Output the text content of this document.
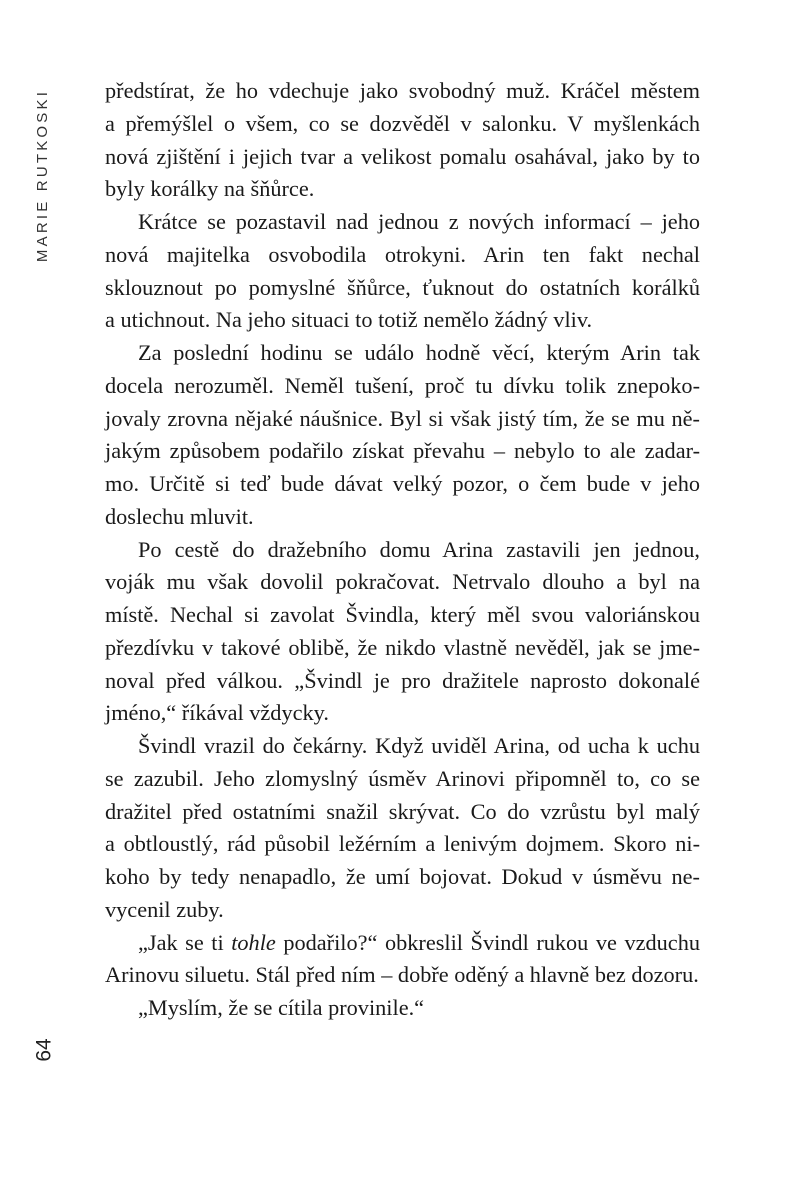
MARIE RUTKOSKI
64
předstírat, že ho vdechuje jako svobodný muž. Kráčel městem
a přemýšlel o všem, co se dozvěděl v salonku. V myšlenkách
nová zjištění i jejich tvar a velikost pomalu osahával, jako by to
byly korálky na šňůrce.
Krátce se pozastavil nad jednou z nových informací – jeho
nová majitelka osvobodila otrokyni. Arin ten fakt nechal
sklouznout po pomyslné šňůrce, ťuknout do ostatních korálků
a utichnout. Na jeho situaci to totiž nemělo žádný vliv.
Za poslední hodinu se událo hodně věcí, kterým Arin tak
docela nerozuměl. Neměl tušení, proč tu dívku tolik znepoko-
jovaly zrovna nějaké náušnice. Byl si však jistý tím, že se mu ně-
jakým způsobem podařilo získat převahu – nebylo to ale zadar-
mo. Určitě si teď bude dávat velký pozor, o čem bude v jeho
doslechu mluvit.
Po cestě do dražebního domu Arina zastavili jen jednou,
voják mu však dovolil pokračovat. Netrvalo dlouho a byl na
místě. Nechal si zavolat Švindla, který měl svou valoriánskou
přezdívku v takové oblibě, že nikdo vlastně nevěděl, jak se jme-
noval před válkou. „Švindl je pro dražitele naprosto dokonalé
jméno,“ říkával vždycky.
Švindl vrazil do čekárny. Když uviděl Arina, od ucha k uchu
se zazubil. Jeho zlomyslný úsměv Arinovi připomněl to, co se
dražitel před ostatními snažil skrývat. Co do vzrůstu byl malý
a obtloustlý, rád působil ležérním a lenivým dojmem. Skoro ni-
koho by tedy nenapadlo, že umí bojovat. Dokud v úsměvu ne-
vycenil zuby.
„Jak se ti tohle podařilo?“ obkreslil Švindl rukou ve vzduchu
Arinovu siluetu. Stál před ním – dobře oděný a hlavně bez dozoru.
„Myslím, že se cítila provinile.“
